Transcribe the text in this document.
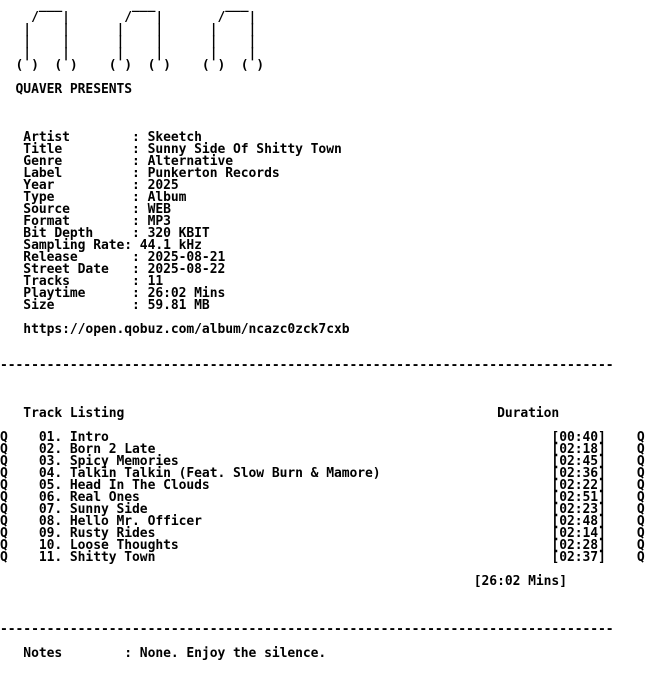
___         ___         ___
/   |       /   |       /   |
|    |      |    |      |    |
|    |      |    |      |    |
|    |      |    |      |    |
( )  ( )    ( )  ( )    ( )  ( )

QUAVER PRESENTS

Artist        : Skeetch
Title         : Sunny Side Of Shitty Town
Genre         : Alternative
Label         : Punkerton Records
Year          : 2025
Type          : Album
Source        : WEB
Format        : MP3
Bit Depth     : 320 KBIT
Sampling Rate: 44.1 kHz
Release       : 2025-08-21
Street Date   : 2025-08-22
Tracks        : 11
Playtime      : 26:02 Mins
Size          : 59.81 MB

https://open.qobuz.com/album/ncazc0zck7cxb

-------------------------------------------------------------------------------

Track Listing                                                Duration

Q    01. Intro                                                         [00:40]    Q
Q    02. Born 2 Late                                                   [02:18]    Q
Q    03. Spicy Memories                                                [02:45]    Q
Q    04. Talkin Talkin (Feat. Slow Burn & Mamore)                      [02:36]    Q
Q    05. Head In The Clouds                                            [02:22]    Q
Q    06. Real Ones                                                     [02:51]    Q
Q    07. Sunny Side                                                    [02:23]    Q
Q    08. Hello Mr. Officer                                             [02:48]    Q
Q    09. Rusty Rides                                                   [02:14]    Q
Q    10. Loose Thoughts                                                [02:28]    Q
Q    11. Shitty Town                                                   [02:37]    Q

[26:02 Mins]

-------------------------------------------------------------------------------

Notes        : None. Enjoy the silence.
